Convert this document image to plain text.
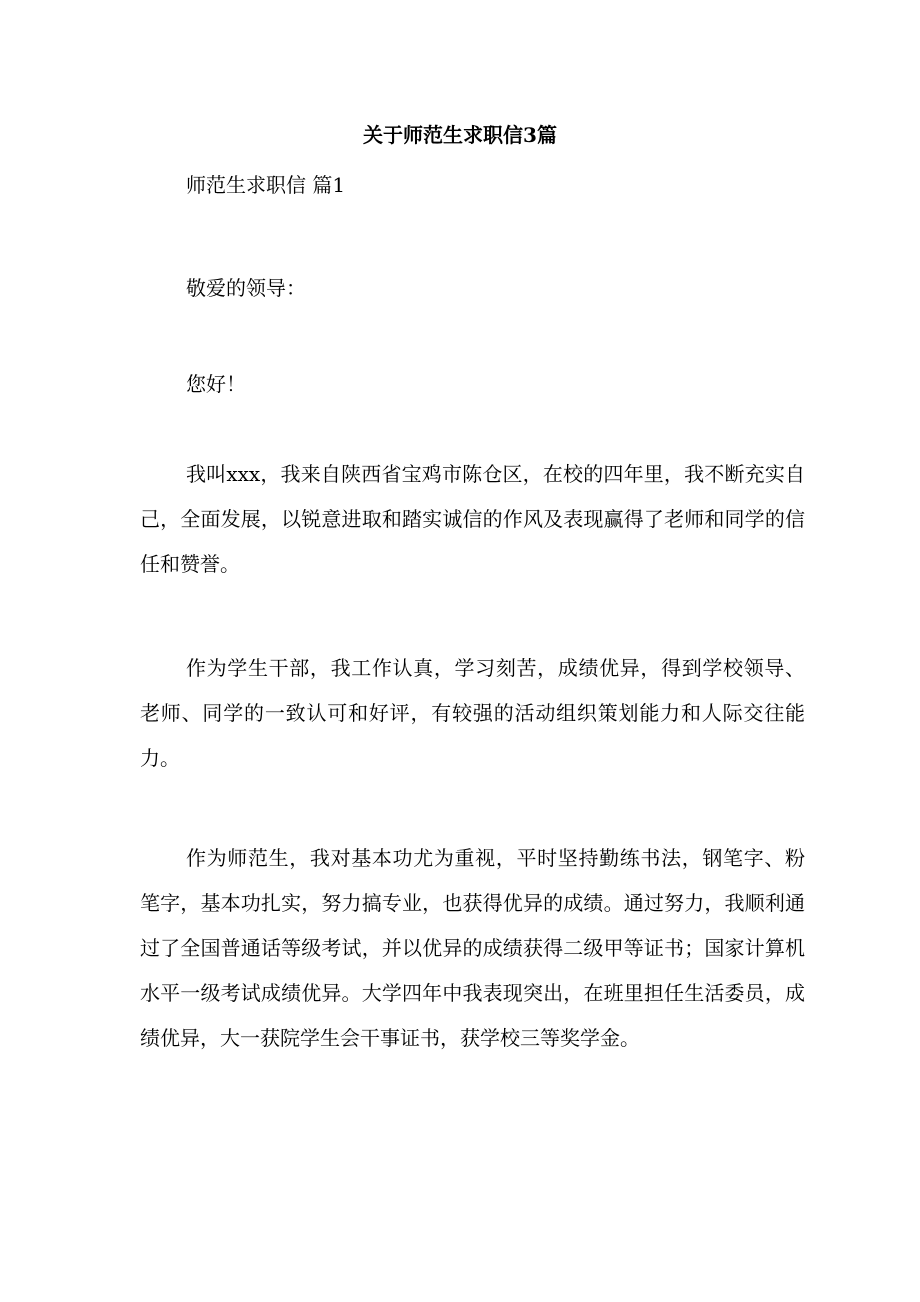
关于师范生求职信3篇

师范生求职信 篇1

敬爱的领导：

您好！

我叫xxx，我来自陕西省宝鸡市陈仓区，在校的四年里，我不断充实自己，全面发展，以锐意进取和踏实诚信的作风及表现赢得了老师和同学的信任和赞誉。

作为学生干部，我工作认真，学习刻苦，成绩优异，得到学校领导、老师、同学的一致认可和好评，有较强的活动组织策划能力和人际交往能力。

作为师范生，我对基本功尤为重视，平时坚持勤练书法，钢笔字、粉笔字，基本功扎实，努力搞专业，也获得优异的成绩。通过努力，我顺利通过了全国普通话等级考试，并以优异的成绩获得二级甲等证书；国家计算机水平一级考试成绩优异。大学四年中我表现突出，在班里担任生活委员，成绩优异，大一获院学生会干事证书，获学校三等奖学金。
